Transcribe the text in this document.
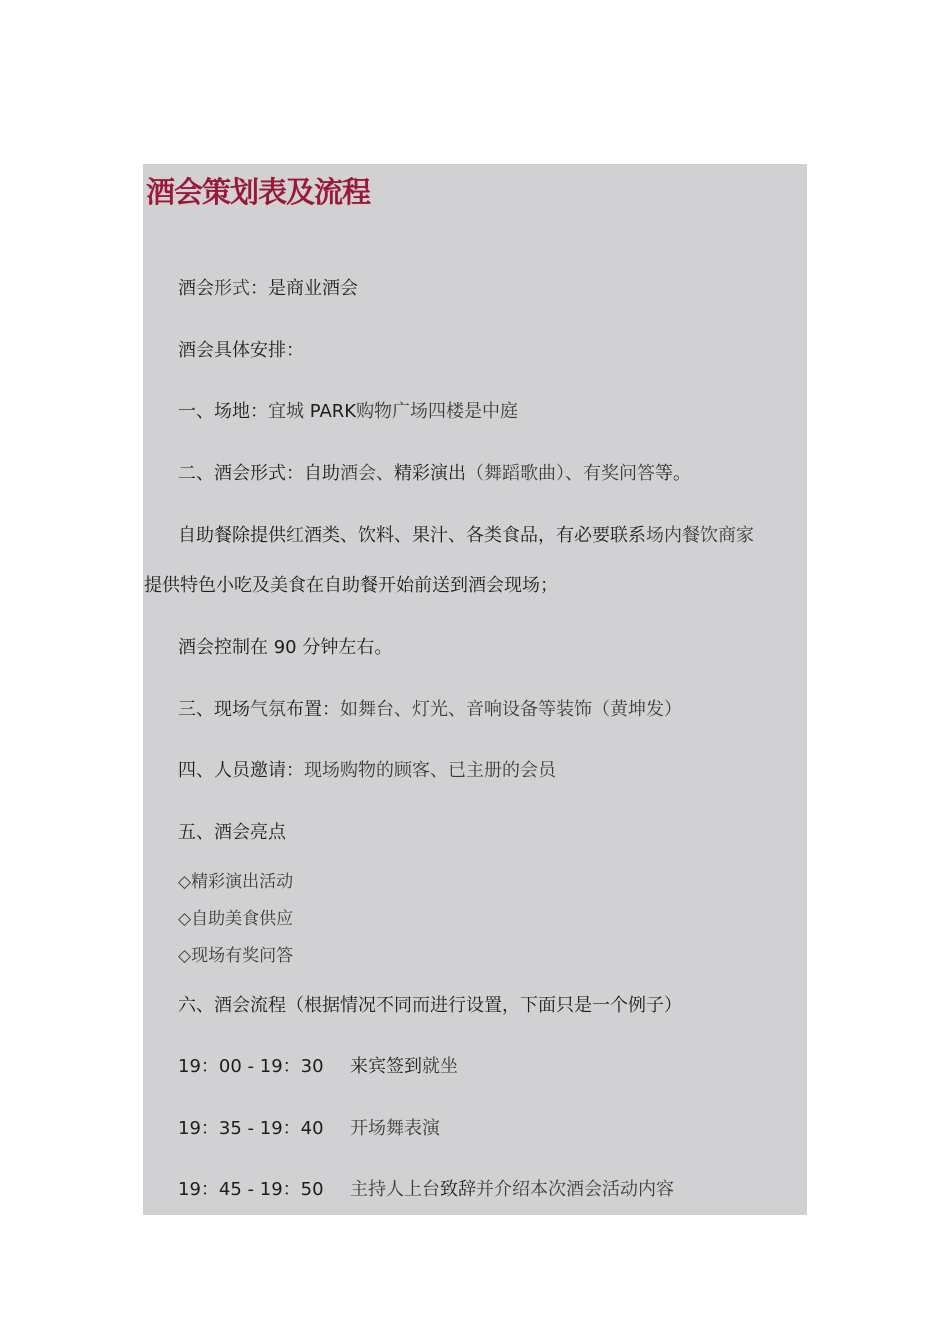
酒会策划表及流程

酒会形式：是商业酒会

酒会具体安排：

一、场地：宜城 PARK购物广场四楼是中庭

二、酒会形式：自助酒会、精彩演出（舞蹈歌曲）、有奖问答等。

自助餐除提供红酒类、饮料、果汁、各类食品，有必要联系场内餐饮商家

提供特色小吃及美食在自助餐开始前送到酒会现场；

酒会控制在 90 分钟左右。

三、现场气氛布置：如舞台、灯光、音响设备等装饰（黄坤发）

四、人员邀请：现场购物的顾客、已主册的会员

五、酒会亮点

◇精彩演出活动

◇自助美食供应

◇现场有奖问答

六、酒会流程（根据情况不同而进行设置，下面只是一个例子）

19：00 - 19：30 来宾签到就坐

19：35 - 19：40 开场舞表演

19：45 - 19：50 主持人上台致辞并介绍本次酒会活动内容
